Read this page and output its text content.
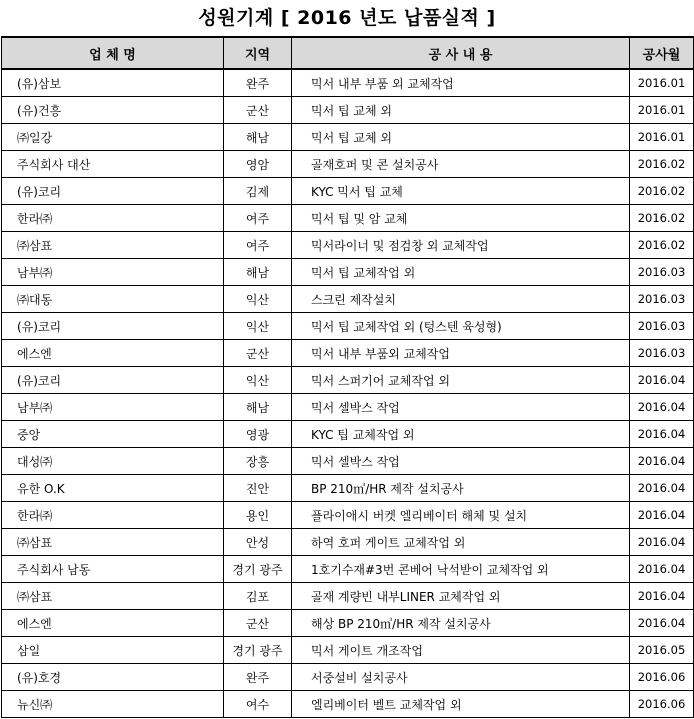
성원기계 [ 2016 년도 납품실적 ]
업 체 명	지역	공 사 내 용	공사월
(유)삼보	완주	믹서 내부 부품 외 교체작업	2016.01
(유)건흥	군산	믹서 팁 교체 외	2016.01
㈜일강	해남	믹서 팁 교체 외	2016.01
주식회사 대산	영암	골재호퍼 및 콘 설치공사	2016.02
(유)코리	김제	KYC 믹서 팁 교체	2016.02
한라㈜	여주	믹서 팁 및 암 교체	2016.02
㈜삼표	여주	믹서라이너 및 점검창 외 교체작업	2016.02
남부㈜	해남	믹서 팁 교체작업 외	2016.03
㈜대동	익산	스크린 제작설치	2016.03
(유)코리	익산	믹서 팁 교체작업 외 (텅스텐 육성형)	2016.03
에스엔	군산	믹서 내부 부품외 교체작업	2016.03
(유)코리	익산	믹서 스퍼기어 교체작업 외	2016.04
남부㈜	해남	믹서 셀박스 작업	2016.04
중앙	영광	KYC 팁 교체작업 외	2016.04
대성㈜	장흥	믹서 셀박스 작업	2016.04
유한 O.K	진안	BP 210㎥/HR 제작 설치공사	2016.04
한라㈜	용인	플라이애시 버켓 엘리베이터 해체 및 설치	2016.04
㈜삼표	안성	하역 호퍼 게이트 교체작업 외	2016.04
주식회사 남동	경기 광주	1호기수재#3번 콘베어 낙석받이 교체작업 외	2016.04
㈜삼표	김포	골재 계량빈 내부LINER 교체작업 외	2016.04
에스엔	군산	해상 BP 210㎥/HR 제작 설치공사	2016.04
삼일	경기 광주	믹서 게이트 개조작업	2016.05
(유)호경	완주	서중설비 설치공사	2016.06
뉴신㈜	여수	엘리베이터 벨트 교체작업 외	2016.06
